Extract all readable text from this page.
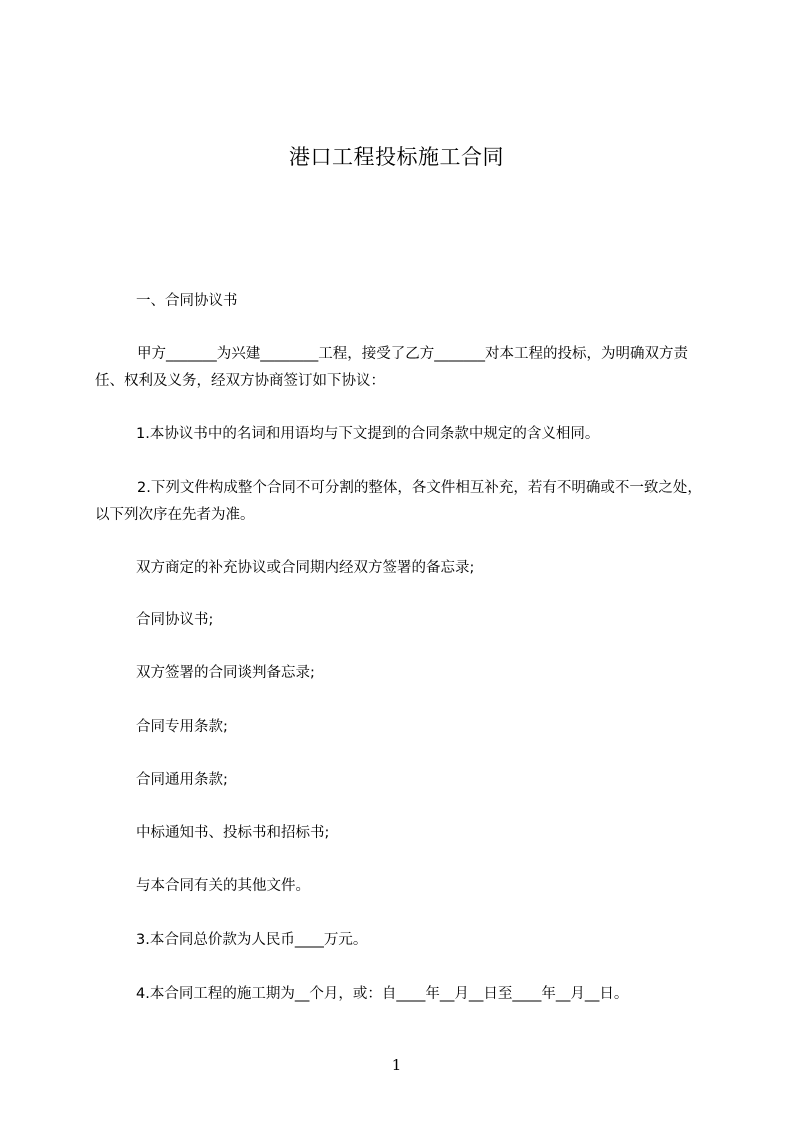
港口工程投标施工合同
一、合同协议书
甲方_______为兴建________工程，接受了乙方_______对本工程的投标，为明确双方责任、权利及义务，经双方协商签订如下协议：
1.本协议书中的名词和用语均与下文提到的合同条款中规定的含义相同。
2.下列文件构成整个合同不可分割的整体，各文件相互补充，若有不明确或不一致之处，以下列次序在先者为准。
双方商定的补充协议或合同期内经双方签署的备忘录;
合同协议书;
双方签署的合同谈判备忘录;
合同专用条款;
合同通用条款;
中标通知书、投标书和招标书;
与本合同有关的其他文件。
3.本合同总价款为人民币____万元。
4.本合同工程的施工期为__个月，或：自____年__月__日至____年__月__日。
1
